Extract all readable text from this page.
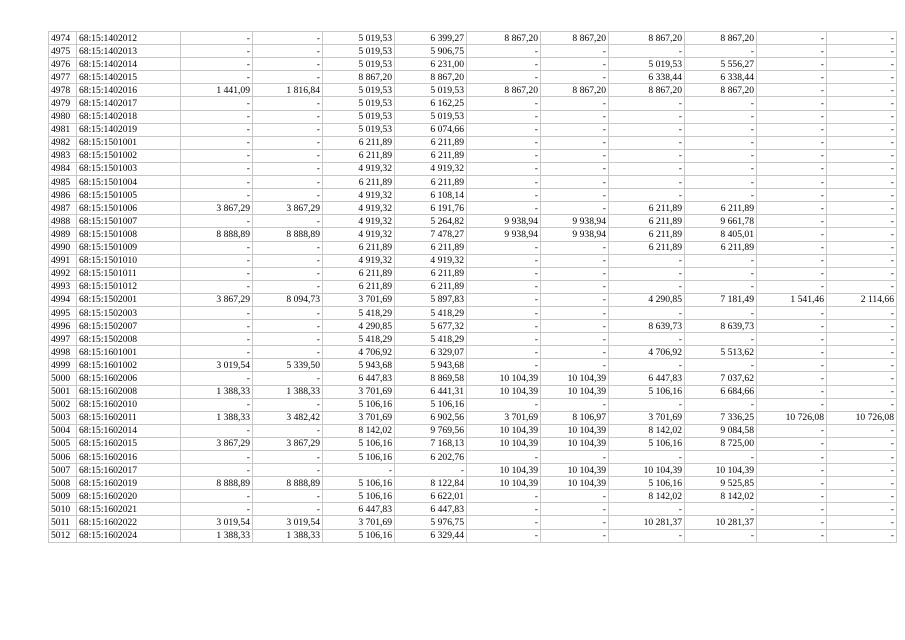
4974	68:15:1402012	-	-	5 019,53	6 399,27	8 867,20	8 867,20	8 867,20	8 867,20	-	-
4975	68:15:1402013	-	-	5 019,53	5 906,75	-	-	-	-	-	-
4976	68:15:1402014	-	-	5 019,53	6 231,00	-	-	5 019,53	5 556,27	-	-
4977	68:15:1402015	-	-	8 867,20	8 867,20	-	-	6 338,44	6 338,44	-	-
4978	68:15:1402016	1 441,09	1 816,84	5 019,53	5 019,53	8 867,20	8 867,20	8 867,20	8 867,20	-	-
4979	68:15:1402017	-	-	5 019,53	6 162,25	-	-	-	-	-	-
4980	68:15:1402018	-	-	5 019,53	5 019,53	-	-	-	-	-	-
4981	68:15:1402019	-	-	5 019,53	6 074,66	-	-	-	-	-	-
4982	68:15:1501001	-	-	6 211,89	6 211,89	-	-	-	-	-	-
4983	68:15:1501002	-	-	6 211,89	6 211,89	-	-	-	-	-	-
4984	68:15:1501003	-	-	4 919,32	4 919,32	-	-	-	-	-	-
4985	68:15:1501004	-	-	6 211,89	6 211,89	-	-	-	-	-	-
4986	68:15:1501005	-	-	4 919,32	6 108,14	-	-	-	-	-	-
4987	68:15:1501006	3 867,29	3 867,29	4 919,32	6 191,76	-	-	6 211,89	6 211,89	-	-
4988	68:15:1501007	-	-	4 919,32	5 264,82	9 938,94	9 938,94	6 211,89	9 661,78	-	-
4989	68:15:1501008	8 888,89	8 888,89	4 919,32	7 478,27	9 938,94	9 938,94	6 211,89	8 405,01	-	-
4990	68:15:1501009	-	-	6 211,89	6 211,89	-	-	6 211,89	6 211,89	-	-
4991	68:15:1501010	-	-	4 919,32	4 919,32	-	-	-	-	-	-
4992	68:15:1501011	-	-	6 211,89	6 211,89	-	-	-	-	-	-
4993	68:15:1501012	-	-	6 211,89	6 211,89	-	-	-	-	-	-
4994	68:15:1502001	3 867,29	8 094,73	3 701,69	5 897,83	-	-	4 290,85	7 181,49	1 541,46	2 114,66
4995	68:15:1502003	-	-	5 418,29	5 418,29	-	-	-	-	-	-
4996	68:15:1502007	-	-	4 290,85	5 677,32	-	-	8 639,73	8 639,73	-	-
4997	68:15:1502008	-	-	5 418,29	5 418,29	-	-	-	-	-	-
4998	68:15:1601001	-	-	4 706,92	6 329,07	-	-	4 706,92	5 513,62	-	-
4999	68:15:1601002	3 019,54	5 339,50	5 943,68	5 943,68	-	-	-	-	-	-
5000	68:15:1602006	-	-	6 447,83	8 869,58	10 104,39	10 104,39	6 447,83	7 037,62	-	-
5001	68:15:1602008	1 388,33	1 388,33	3 701,69	6 441,31	10 104,39	10 104,39	5 106,16	6 684,66	-	-
5002	68:15:1602010	-	-	5 106,16	5 106,16	-	-	-	-	-	-
5003	68:15:1602011	1 388,33	3 482,42	3 701,69	6 902,56	3 701,69	8 106,97	3 701,69	7 336,25	10 726,08	10 726,08
5004	68:15:1602014	-	-	8 142,02	9 769,56	10 104,39	10 104,39	8 142,02	9 084,58	-	-
5005	68:15:1602015	3 867,29	3 867,29	5 106,16	7 168,13	10 104,39	10 104,39	5 106,16	8 725,00	-	-
5006	68:15:1602016	-	-	5 106,16	6 202,76	-	-	-	-	-	-
5007	68:15:1602017	-	-	-	-	10 104,39	10 104,39	10 104,39	10 104,39	-	-
5008	68:15:1602019	8 888,89	8 888,89	5 106,16	8 122,84	10 104,39	10 104,39	5 106,16	9 525,85	-	-
5009	68:15:1602020	-	-	5 106,16	6 622,01	-	-	8 142,02	8 142,02	-	-
5010	68:15:1602021	-	-	6 447,83	6 447,83	-	-	-	-	-	-
5011	68:15:1602022	3 019,54	3 019,54	3 701,69	5 976,75	-	-	10 281,37	10 281,37	-	-
5012	68:15:1602024	1 388,33	1 388,33	5 106,16	6 329,44	-	-	-	-	-	-
